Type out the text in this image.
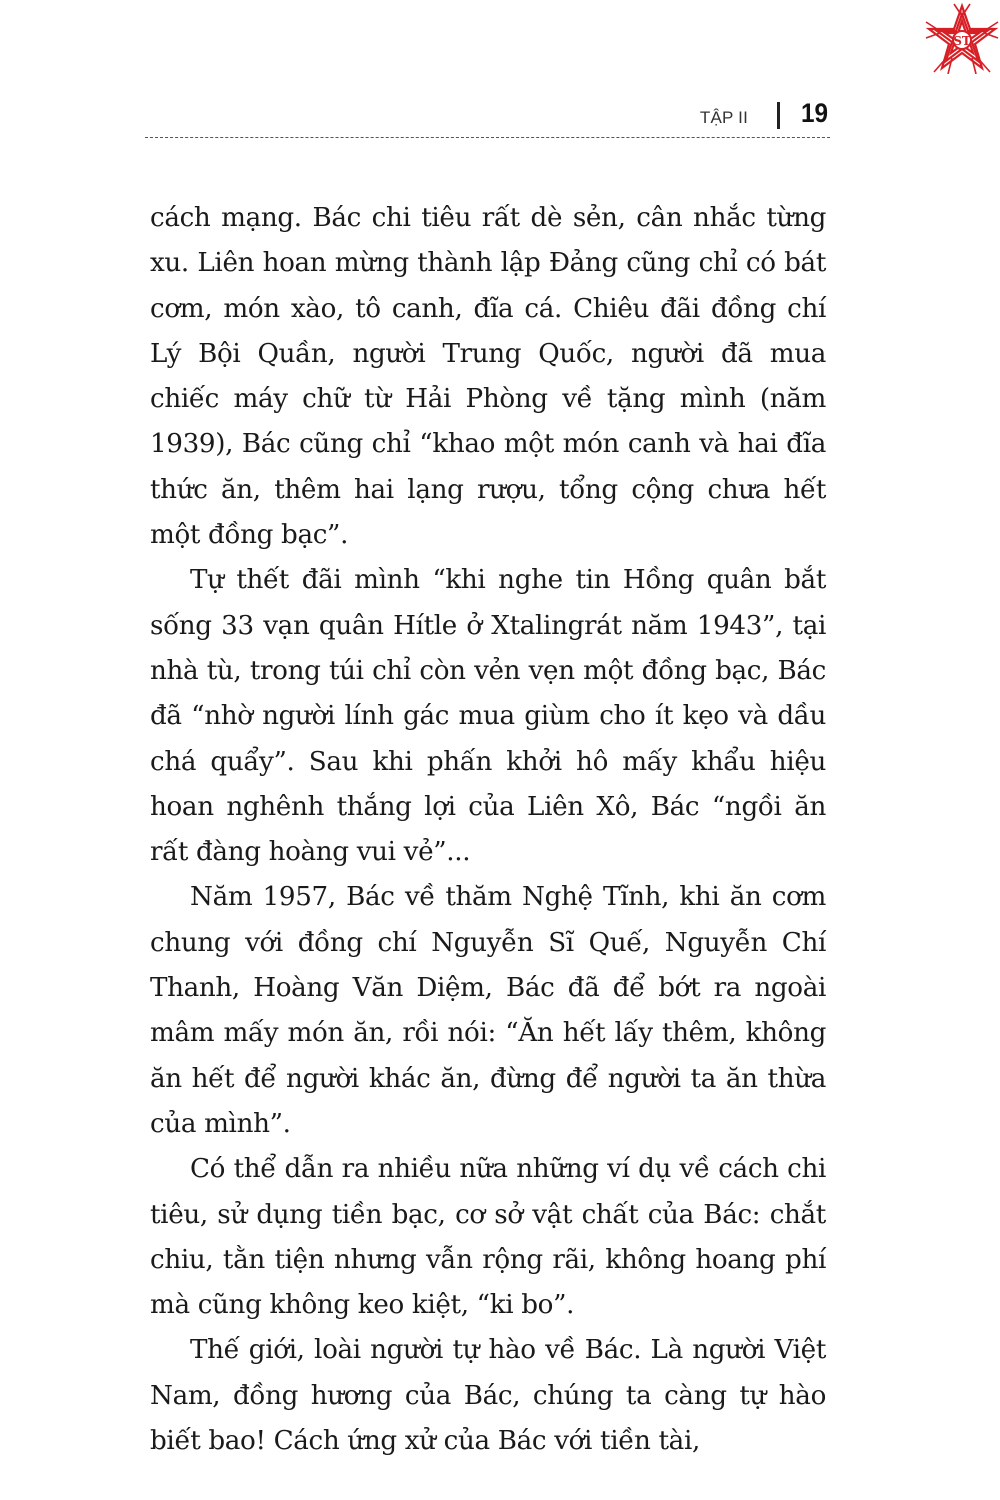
ST
TẬP II 19

cách mạng. Bác chi tiêu rất dè sẻn, cân nhắc từng xu. Liên hoan mừng thành lập Đảng cũng chỉ có bát cơm, món xào, tô canh, đĩa cá. Chiêu đãi đồng chí Lý Bội Quần, người Trung Quốc, người đã mua chiếc máy chữ từ Hải Phòng về tặng mình (năm 1939), Bác cũng chỉ “khao một món canh và hai đĩa thức ăn, thêm hai lạng rượu, tổng cộng chưa hết một đồng bạc”.

Tự thết đãi mình “khi nghe tin Hồng quân bắt sống 33 vạn quân Hítle ở Xtalingrát năm 1943”, tại nhà tù, trong túi chỉ còn vẻn vẹn một đồng bạc, Bác đã “nhờ người lính gác mua giùm cho ít kẹo và dầu chá quẩy”. Sau khi phấn khởi hô mấy khẩu hiệu hoan nghênh thắng lợi của Liên Xô, Bác “ngồi ăn rất đàng hoàng vui vẻ”...

Năm 1957, Bác về thăm Nghệ Tĩnh, khi ăn cơm chung với đồng chí Nguyễn Sĩ Quế, Nguyễn Chí Thanh, Hoàng Văn Diệm, Bác đã để bớt ra ngoài mâm mấy món ăn, rồi nói: “Ăn hết lấy thêm, không ăn hết để người khác ăn, đừng để người ta ăn thừa của mình”.

Có thể dẫn ra nhiều nữa những ví dụ về cách chi tiêu, sử dụng tiền bạc, cơ sở vật chất của Bác: chắt chiu, tằn tiện nhưng vẫn rộng rãi, không hoang phí mà cũng không keo kiệt, “ki bo”.

Thế giới, loài người tự hào về Bác. Là người Việt Nam, đồng hương của Bác, chúng ta càng tự hào biết bao! Cách ứng xử của Bác với tiền tài,
